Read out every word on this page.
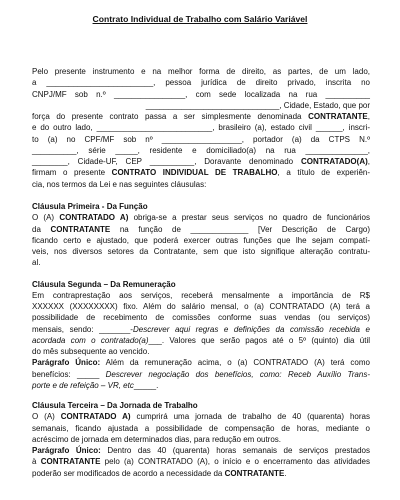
Contrato Individual de Trabalho com Salário Variável
Pelo presente instrumento e na melhor forma de direito, as partes, de um lado,
a ________________________, pessoa jurídica de direito privado, inscrita no
CNPJ/MF sob n.º ________________, com sede localizada na rua __________
______________________________, Cidade, Estado, que por
força do presente contrato passa a ser simplesmente denominada CONTRATANTE,
e do outro lado, __________________________, brasileiro (a), estado civil ______, inscri-
to (a) no CPF/MF sob nº __________________, portador (a) da CTPS N.º
__________, série _____, residente e domiciliado(a) na rua ______________,
________, Cidade-UF, CEP __________, Doravante denominado CONTRATADO(A),
firmam o presente CONTRATO INDIVIDUAL DE TRABALHO, a título de experiên-
cia, nos termos da Lei e nas seguintes cláusulas:
Cláusula Primeira - Da Função
O (A) CONTRATADO A) obriga-se a prestar seus serviços no quadro de funcionários
da CONTRATANTE na função de _____________ [Ver Descrição de Cargo)
ficando certo e ajustado, que poderá exercer outras funções que lhe sejam compatí-
veis, nos diversos setores da Contratante, sem que isto signifique alteração contratu-
al.
Cláusula Segunda – Da Remuneração
Em contraprestação aos serviços, receberá mensalmente a importância de R$
XXXXXX (XXXXXXXX) fixo. Além do salário mensal, o (a) CONTRATADO (A) terá a
possibilidade de recebimento de comissões conforme suas vendas (ou serviços)
mensais, sendo: _______-Descrever aqui regras e definições da comissão recebida e
acordada com o contratado(a)___. Valores que serão pagos até o 5º (quinto) dia útil
do mês subsequente ao vencido.
Parágrafo Único: Além da remuneração acima, o (a) CONTRATADO (A) terá como
benefícios: _____ Descrever negociação dos benefícios, como: Receb Auxílio Trans-
porte e de refeição – VR, etc_____.
Cláusula Terceira – Da Jornada de Trabalho
O (A) CONTRATADO A) cumprirá uma jornada de trabalho de 40 (quarenta) horas
semanais, ficando ajustada a possibilidade de compensação de horas, mediante o
acréscimo de jornada em determinados dias, para redução em outros.
Parágrafo Único: Dentro das 40 (quarenta) horas semanais de serviços prestados
à CONTRATANTE pelo (a) CONTRATADO (A), o início e o encerramento das atividades
poderão ser modificados de acordo a necessidade da CONTRATANTE.
